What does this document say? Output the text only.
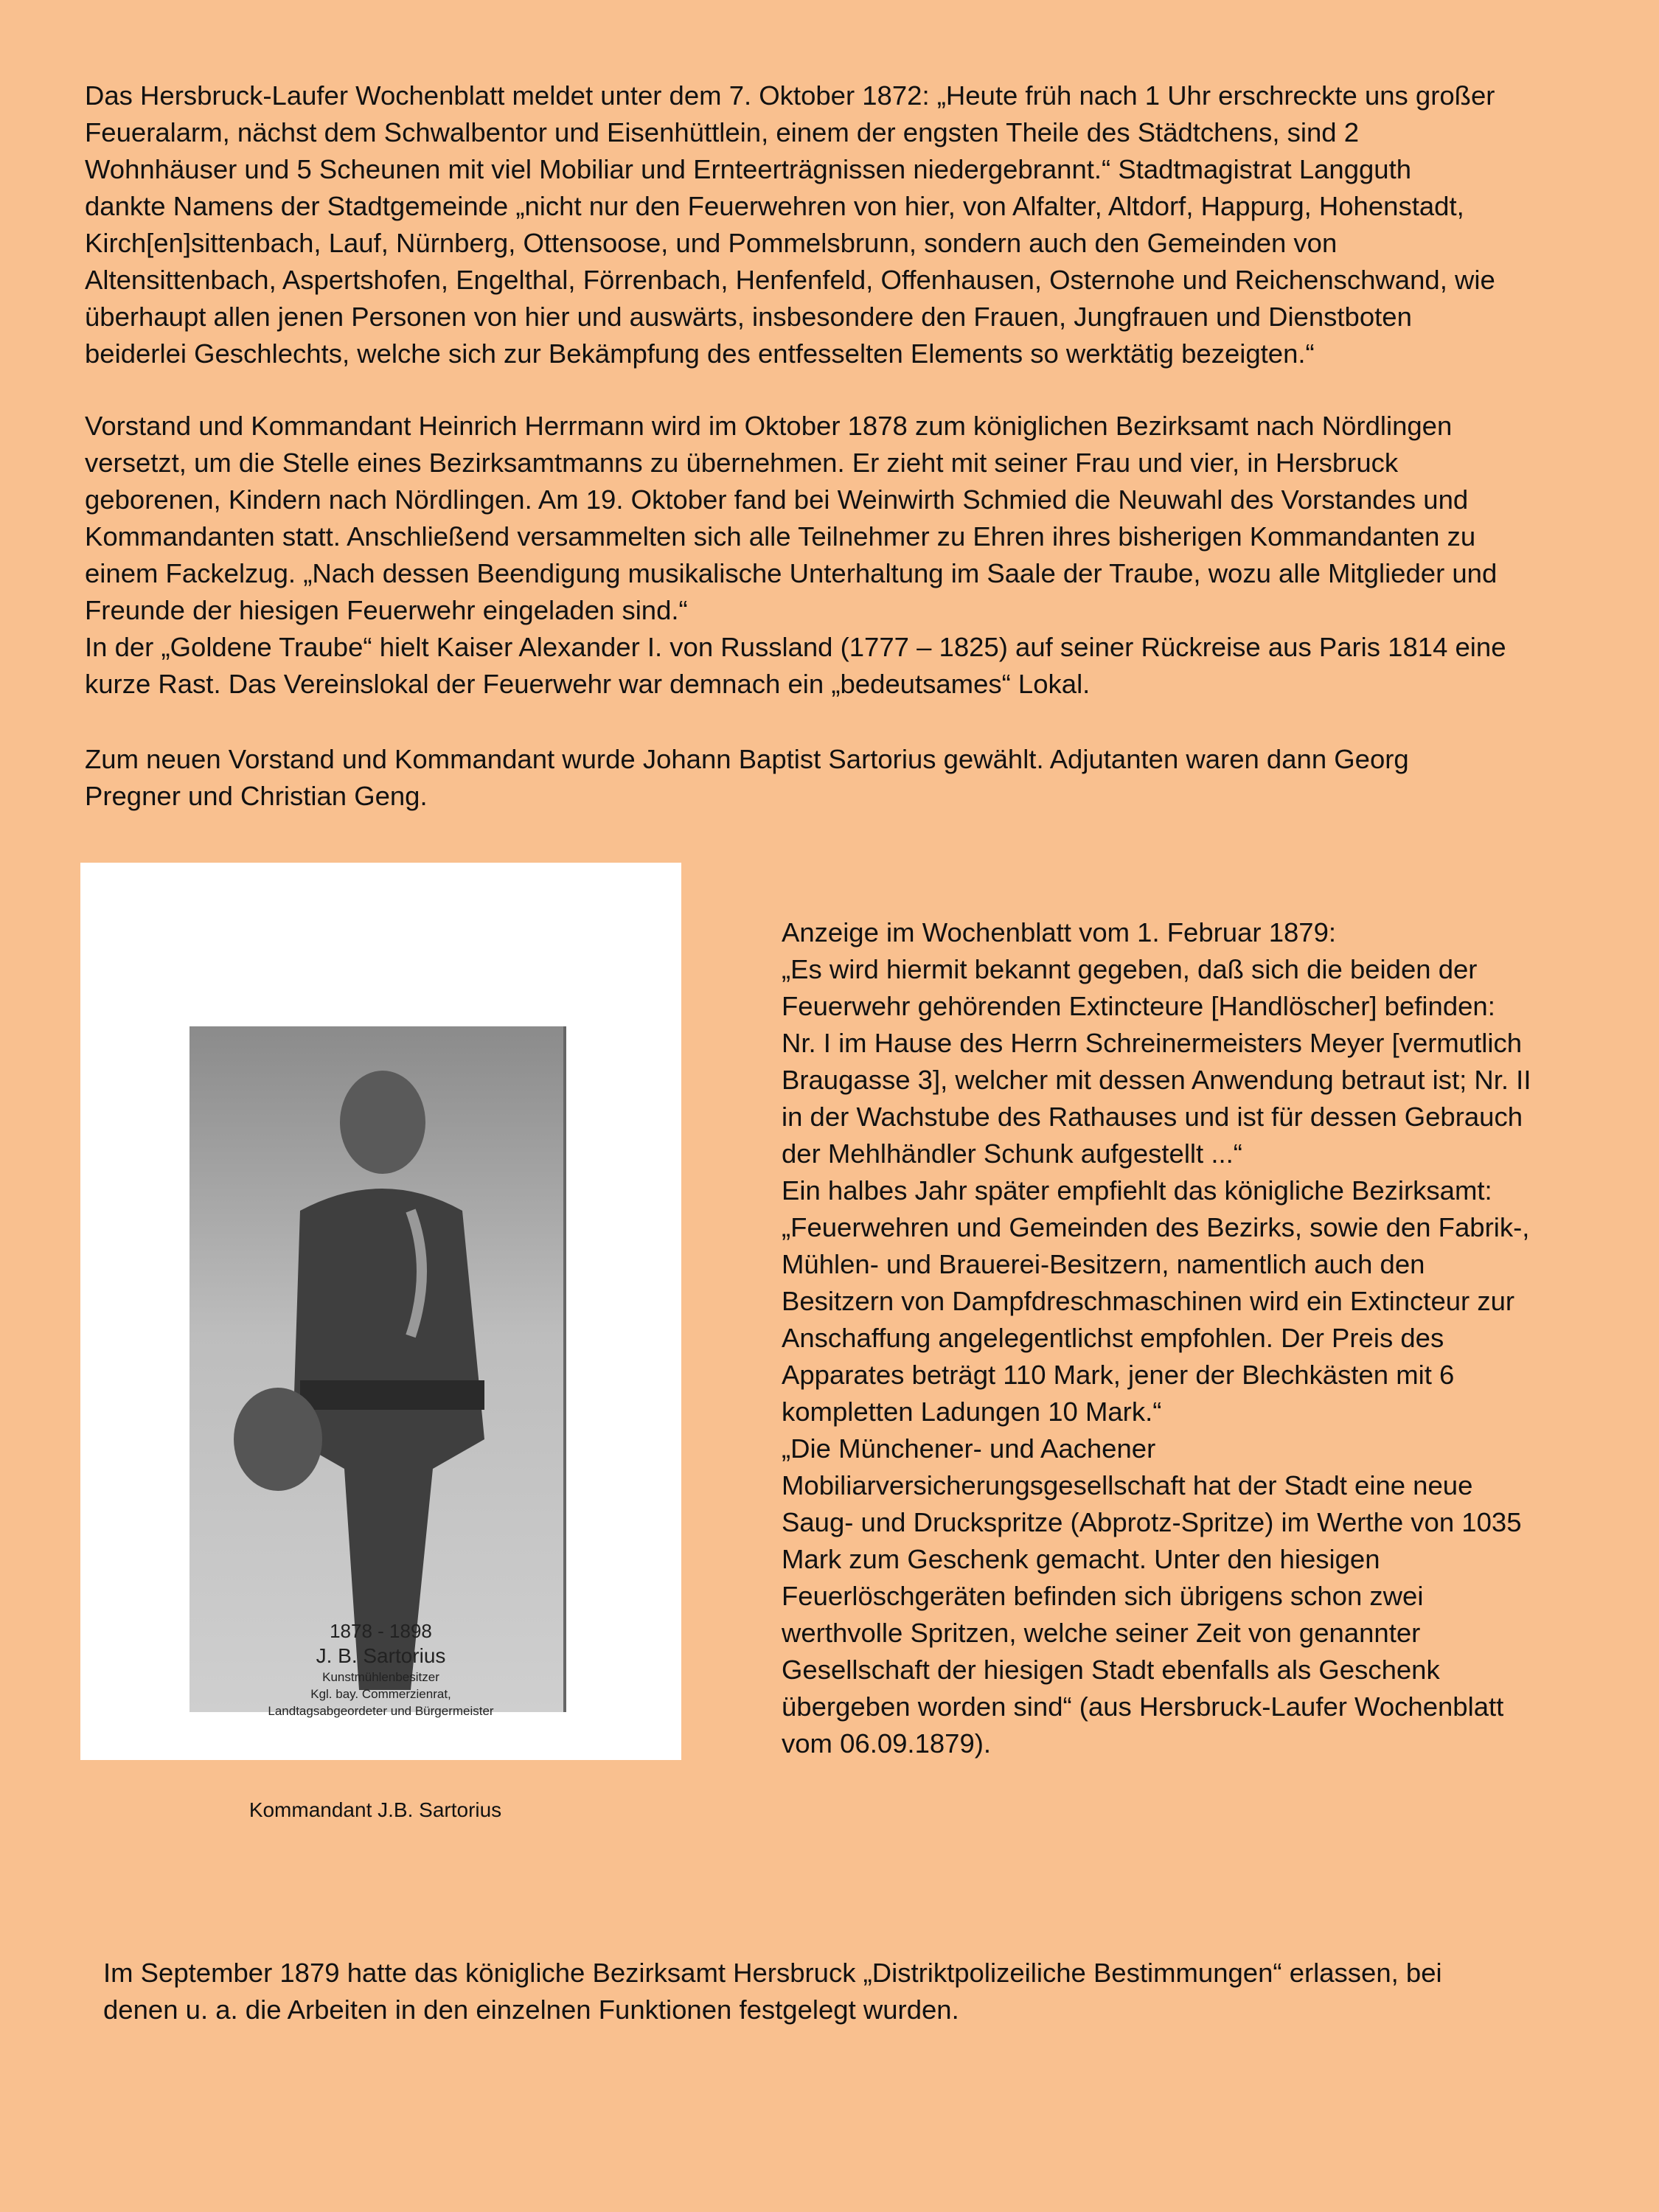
Das Hersbruck-Laufer Wochenblatt meldet unter dem 7. Oktober 1872: „Heute früh nach 1 Uhr erschreckte uns großer
Feueralarm, nächst dem Schwalbentor und Eisenhüttlein, einem der engsten Theile des Städtchens, sind 2
Wohnhäuser und 5 Scheunen mit viel Mobiliar und Ernteerträgnissen niedergebrannt.“ Stadtmagistrat Langguth
dankte Namens der Stadtgemeinde „nicht nur den Feuerwehren von hier, von Alfalter, Altdorf, Happurg, Hohenstadt,
Kirch[en]sittenbach, Lauf, Nürnberg, Ottensoose, und Pommelsbrunn, sondern auch den Gemeinden von
Altensittenbach, Aspertshofen, Engelthal, Förrenbach, Henfenfeld, Offenhausen, Osternohe und Reichenschwand, wie
überhaupt allen jenen Personen von hier und auswärts, insbesondere den Frauen, Jungfrauen und Dienstboten
beiderlei Geschlechts, welche sich zur Bekämpfung des entfesselten Elements so werktätig bezeigten.“

Vorstand und Kommandant Heinrich Herrmann wird im Oktober 1878 zum königlichen Bezirksamt nach Nördlingen
versetzt, um die Stelle eines Bezirksamtmanns zu übernehmen. Er zieht mit seiner Frau und vier, in Hersbruck
geborenen, Kindern nach Nördlingen. Am 19. Oktober fand bei Weinwirth Schmied die Neuwahl des Vorstandes und
Kommandanten statt. Anschließend versammelten sich alle Teilnehmer zu Ehren ihres bisherigen Kommandanten zu
einem Fackelzug. „Nach dessen Beendigung musikalische Unterhaltung im Saale der Traube, wozu alle Mitglieder und
Freunde der hiesigen Feuerwehr eingeladen sind.“
In der „Goldene Traube“ hielt Kaiser Alexander I. von Russland (1777 – 1825) auf seiner Rückreise aus Paris 1814 eine
kurze Rast. Das Vereinslokal der Feuerwehr war demnach ein „bedeutsames“ Lokal.

Zum neuen Vorstand und Kommandant wurde Johann Baptist Sartorius gewählt. Adjutanten waren dann Georg
Pregner und Christian Geng.

1878 - 1898
J. B. Sartorius
Kunstmühlenbesitzer
Kgl. bay. Commerzienrat,
Landtagsabgeordeter und Bürgermeister
Kommandant J.B. Sartorius

Anzeige im Wochenblatt vom 1. Februar 1879:
„Es wird hiermit bekannt gegeben, daß sich die beiden der
Feuerwehr gehörenden Extincteure [Handlöscher] befinden:
Nr. I im Hause des Herrn Schreinermeisters Meyer [vermutlich
Braugasse 3], welcher mit dessen Anwendung betraut ist; Nr. II
in der Wachstube des Rathauses und ist für dessen Gebrauch
der Mehlhändler Schunk aufgestellt ...“
Ein halbes Jahr später empfiehlt das königliche Bezirksamt:
„Feuerwehren und Gemeinden des Bezirks, sowie den Fabrik-,
Mühlen- und Brauerei-Besitzern, namentlich auch den
Besitzern von Dampfdreschmaschinen wird ein Extincteur zur
Anschaffung angelegentlichst empfohlen. Der Preis des
Apparates beträgt 110 Mark, jener der Blechkästen mit 6
kompletten Ladungen 10 Mark.“
„Die Münchener- und Aachener
Mobiliarversicherungsgesellschaft hat der Stadt eine neue
Saug- und Druckspritze (Abprotz-Spritze) im Werthe von 1035
Mark zum Geschenk gemacht. Unter den hiesigen
Feuerlöschgeräten befinden sich übrigens schon zwei
werthvolle Spritzen, welche seiner Zeit von genannter
Gesellschaft der hiesigen Stadt ebenfalls als Geschenk
übergeben worden sind“ (aus Hersbruck-Laufer Wochenblatt
vom 06.09.1879).

Im September 1879 hatte das königliche Bezirksamt Hersbruck „Distriktpolizeiliche Bestimmungen“ erlassen, bei
denen u. a. die Arbeiten in den einzelnen Funktionen festgelegt wurden.
